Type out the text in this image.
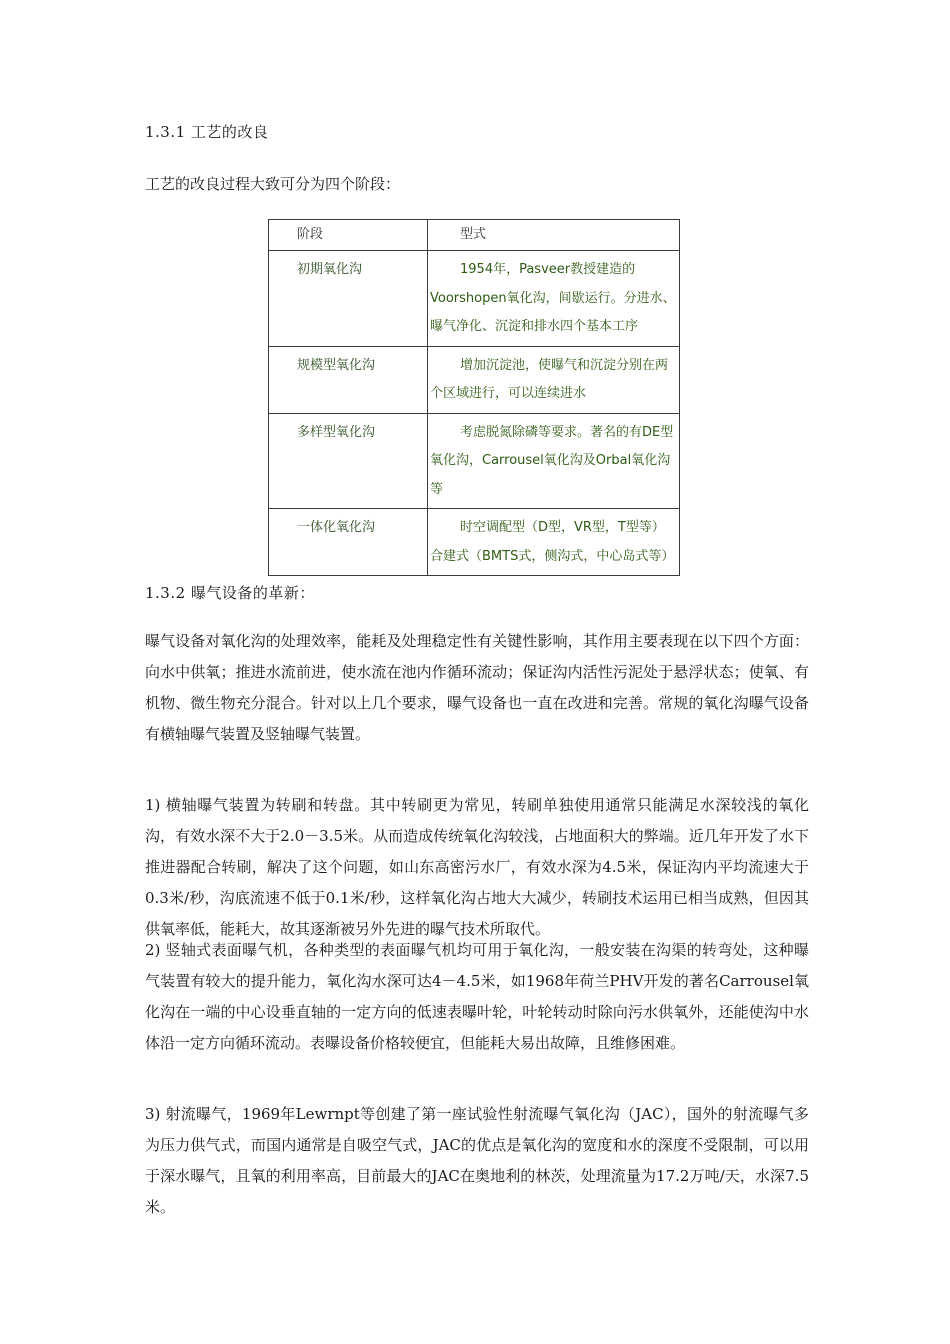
1.3.1 工艺的改良
工艺的改良过程大致可分为四个阶段：
阶段	型式
初期氧化沟	1954年，Pasveer教授建造的Voorshopen氧化沟，间歇运行。分进水、曝气净化、沉淀和排水四个基本工序
规模型氧化沟	增加沉淀池，使曝气和沉淀分别在两个区域进行，可以连续进水
多样型氧化沟	考虑脱氮除磷等要求。著名的有DE型氧化沟，Carrousel氧化沟及Orbal氧化沟等
一体化氧化沟	时空调配型（D型，VR型，T型等）合建式（BMTS式，侧沟式，中心岛式等）
1.3.2 曝气设备的革新：

曝气设备对氧化沟的处理效率，能耗及处理稳定性有关键性影响，其作用主要表现在以下四个方面：向水中供氧；推进水流前进，使水流在池内作循环流动；保证沟内活性污泥处于悬浮状态；使氧、有机物、微生物充分混合。针对以上几个要求，曝气设备也一直在改进和完善。常规的氧化沟曝气设备有横轴曝气装置及竖轴曝气装置。

1) 横轴曝气装置为转刷和转盘。其中转刷更为常见，转刷单独使用通常只能满足水深较浅的氧化沟，有效水深不大于2.0－3.5米。从而造成传统氧化沟较浅，占地面积大的弊端。近几年开发了水下推进器配合转刷，解决了这个问题，如山东高密污水厂，有效水深为4.5米，保证沟内平均流速大于0.3米/秒，沟底流速不低于0.1米/秒，这样氧化沟占地大大减少，转刷技术运用已相当成熟，但因其供氧率低，能耗大，故其逐渐被另外先进的曝气技术所取代。

2) 竖轴式表面曝气机，各种类型的表面曝气机均可用于氧化沟，一般安装在沟渠的转弯处，这种曝气装置有较大的提升能力，氧化沟水深可达4－4.5米，如1968年荷兰PHV开发的著名Carrousel氧化沟在一端的中心设垂直轴的一定方向的低速表曝叶轮，叶轮转动时除向污水供氧外，还能使沟中水体沿一定方向循环流动。表曝设备价格较便宜，但能耗大易出故障，且维修困难。

3) 射流曝气，1969年Lewrnpt等创建了第一座试验性射流曝气氧化沟（JAC），国外的射流曝气多为压力供气式，而国内通常是自吸空气式，JAC的优点是氧化沟的宽度和水的深度不受限制，可以用于深水曝气，且氧的利用率高，目前最大的JAC在奥地利的林茨，处理流量为17.2万吨/天，水深7.5米。
